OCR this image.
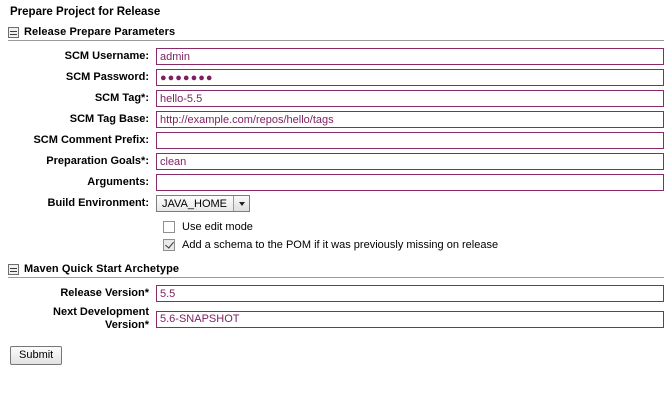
Prepare Project for Release
Release Prepare Parameters
SCM Username:
admin
SCM Password:
●●●●●●●
SCM Tag*:
hello-5.5
SCM Tag Base:
http://example.com/repos/hello/tags
SCM Comment Prefix:
Preparation Goals*:
clean
Arguments:
Build Environment:	JAVA_HOME
Use edit mode
Add a schema to the POM if it was previously missing on release
Maven Quick Start Archetype
Release Version*
5.5
Next Development Version*
5.6-SNAPSHOT
Submit
